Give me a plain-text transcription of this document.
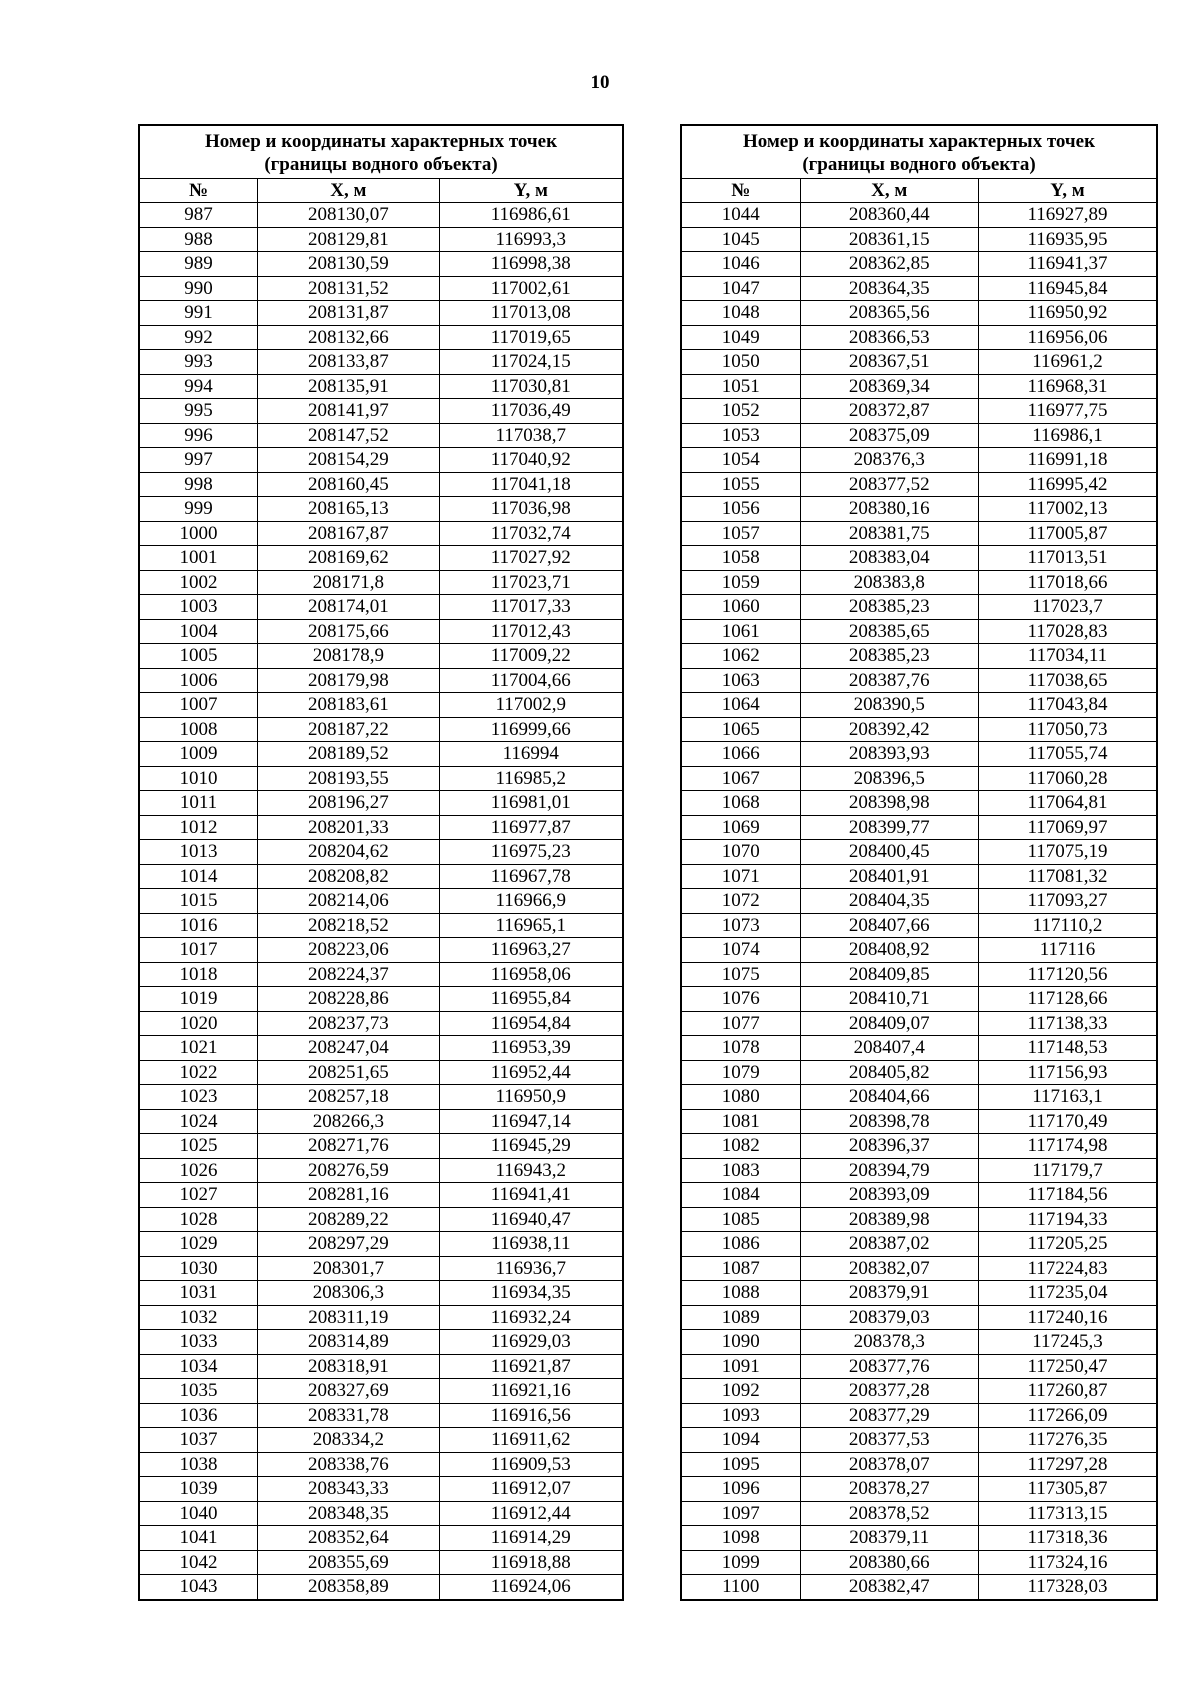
10
Номер и координаты характерных точек
(границы водного объекта)		

№	X, м	Y, м
987	208130,07	116986,61
988	208129,81	116993,3
989	208130,59	116998,38
990	208131,52	117002,61
991	208131,87	117013,08
992	208132,66	117019,65
993	208133,87	117024,15
994	208135,91	117030,81
995	208141,97	117036,49
996	208147,52	117038,7
997	208154,29	117040,92
998	208160,45	117041,18
999	208165,13	117036,98
1000	208167,87	117032,74
1001	208169,62	117027,92
1002	208171,8	117023,71
1003	208174,01	117017,33
1004	208175,66	117012,43
1005	208178,9	117009,22
1006	208179,98	117004,66
1007	208183,61	117002,9
1008	208187,22	116999,66
1009	208189,52	116994
1010	208193,55	116985,2
1011	208196,27	116981,01
1012	208201,33	116977,87
1013	208204,62	116975,23
1014	208208,82	116967,78
1015	208214,06	116966,9
1016	208218,52	116965,1
1017	208223,06	116963,27
1018	208224,37	116958,06
1019	208228,86	116955,84
1020	208237,73	116954,84
1021	208247,04	116953,39
1022	208251,65	116952,44
1023	208257,18	116950,9
1024	208266,3	116947,14
1025	208271,76	116945,29
1026	208276,59	116943,2
1027	208281,16	116941,41
1028	208289,22	116940,47
1029	208297,29	116938,11
1030	208301,7	116936,7
1031	208306,3	116934,35
1032	208311,19	116932,24
1033	208314,89	116929,03
1034	208318,91	116921,87
1035	208327,69	116921,16
1036	208331,78	116916,56
1037	208334,2	116911,62
1038	208338,76	116909,53
1039	208343,33	116912,07
1040	208348,35	116912,44
1041	208352,64	116914,29
1042	208355,69	116918,88
1043	208358,89	116924,06
Номер и координаты характерных точек
(границы водного объекта)		

№	X, м	Y, м
1044	208360,44	116927,89
1045	208361,15	116935,95
1046	208362,85	116941,37
1047	208364,35	116945,84
1048	208365,56	116950,92
1049	208366,53	116956,06
1050	208367,51	116961,2
1051	208369,34	116968,31
1052	208372,87	116977,75
1053	208375,09	116986,1
1054	208376,3	116991,18
1055	208377,52	116995,42
1056	208380,16	117002,13
1057	208381,75	117005,87
1058	208383,04	117013,51
1059	208383,8	117018,66
1060	208385,23	117023,7
1061	208385,65	117028,83
1062	208385,23	117034,11
1063	208387,76	117038,65
1064	208390,5	117043,84
1065	208392,42	117050,73
1066	208393,93	117055,74
1067	208396,5	117060,28
1068	208398,98	117064,81
1069	208399,77	117069,97
1070	208400,45	117075,19
1071	208401,91	117081,32
1072	208404,35	117093,27
1073	208407,66	117110,2
1074	208408,92	117116
1075	208409,85	117120,56
1076	208410,71	117128,66
1077	208409,07	117138,33
1078	208407,4	117148,53
1079	208405,82	117156,93
1080	208404,66	117163,1
1081	208398,78	117170,49
1082	208396,37	117174,98
1083	208394,79	117179,7
1084	208393,09	117184,56
1085	208389,98	117194,33
1086	208387,02	117205,25
1087	208382,07	117224,83
1088	208379,91	117235,04
1089	208379,03	117240,16
1090	208378,3	117245,3
1091	208377,76	117250,47
1092	208377,28	117260,87
1093	208377,29	117266,09
1094	208377,53	117276,35
1095	208378,07	117297,28
1096	208378,27	117305,87
1097	208378,52	117313,15
1098	208379,11	117318,36
1099	208380,66	117324,16
1100	208382,47	117328,03
